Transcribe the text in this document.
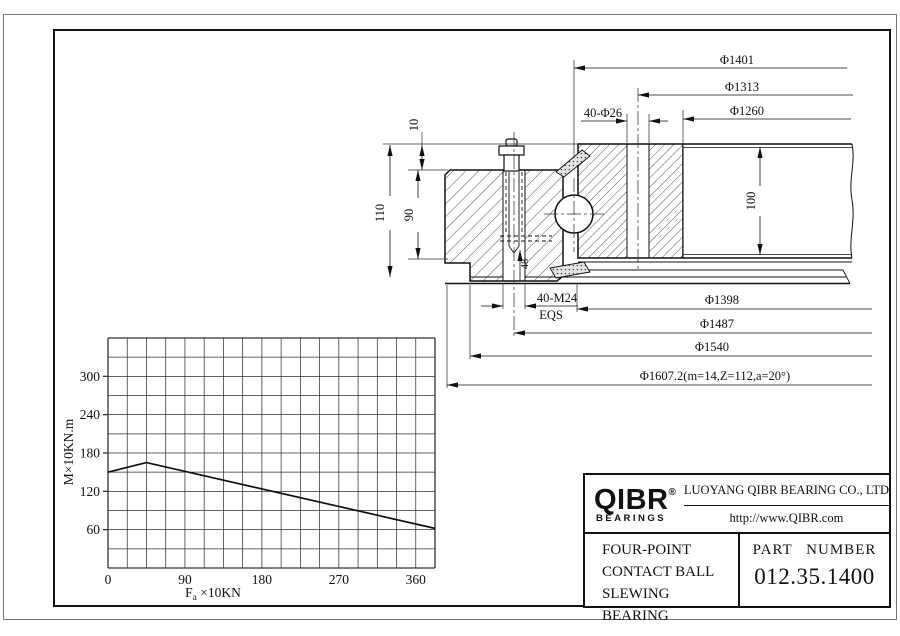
Φ1401
Φ1313
Φ1260
40-Φ26
40-M24
EQS
Φ1398
Φ1487
Φ1540
Φ1607.2(m=14,Z=112,a=20°)
110 90
10
100
48
0	90	180	270	360
60
120
180
240
300
M×10KN.m
$F_a \times 10KN$
QIBR®
BEARINGS
LUOYANG QIBR BEARING CO., LTD
http://www.QIBR.com
FOUR-POINT
CONTACT BALL
SLEWING BEARING
PART NUMBER
012.35.1400
